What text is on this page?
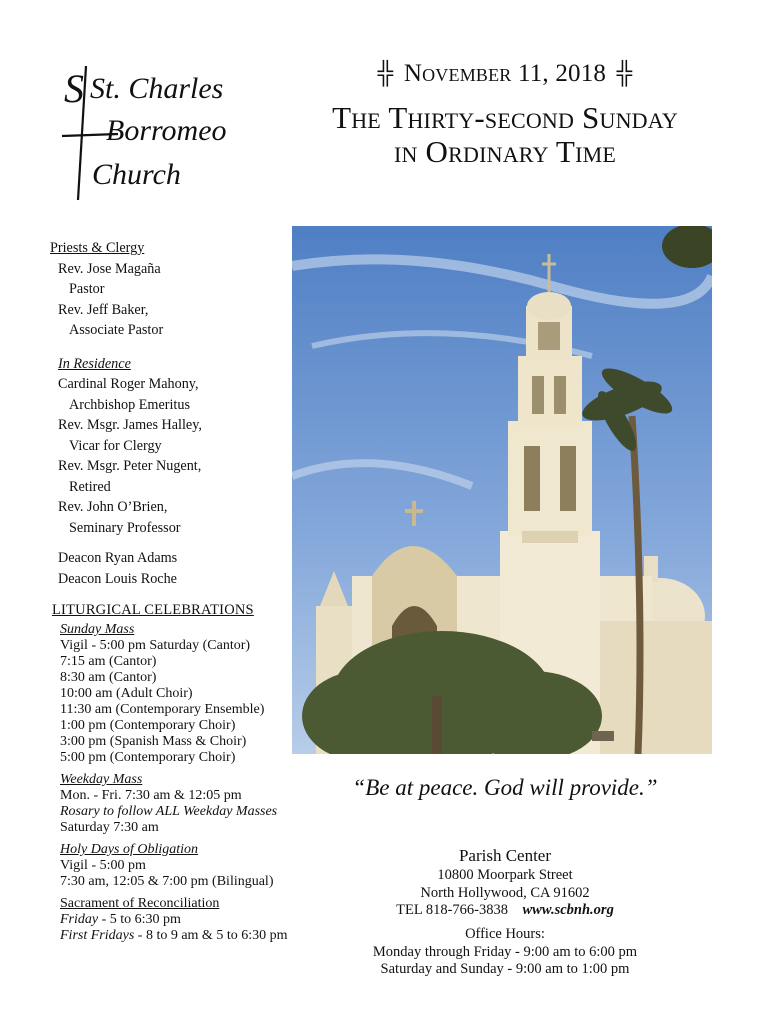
S St. Charles
Borromeo
Church
╬ November 11, 2018 ╬
The Thirty-second Sunday
in Ordinary Time
Priests & Clergy
Rev. Jose Magaña
Pastor
Rev. Jeff Baker,
Associate Pastor
In Residence
Cardinal Roger Mahony,
Archbishop Emeritus
Rev. Msgr. James Halley,
Vicar for Clergy
Rev. Msgr. Peter Nugent,
Retired
Rev. John O’Brien,
Seminary Professor
Deacon Ryan Adams
Deacon Louis Roche
LITURGICAL CELEBRATIONS
Sunday Mass
Vigil - 5:00 pm Saturday (Cantor)
7:15 am (Cantor)
8:30 am (Cantor)
10:00 am (Adult Choir)
11:30 am (Contemporary Ensemble)
1:00 pm (Contemporary Choir)
3:00 pm (Spanish Mass & Choir)
5:00 pm (Contemporary Choir)
Weekday Mass
Mon. - Fri. 7:30 am & 12:05 pm
Rosary to follow ALL Weekday Masses
Saturday 7:30 am
Holy Days of Obligation
Vigil - 5:00 pm
7:30 am, 12:05 & 7:00 pm (Bilingual)
Sacrament of Reconciliation
Friday - 5 to 6:30 pm
First Fridays - 8 to 9 am & 5 to 6:30 pm
“Be at peace. God will provide.”
Parish Center
10800 Moorpark Street
North Hollywood, CA 91602
TEL 818-766-3838 www.scbnh.org
Office Hours:
Monday through Friday - 9:00 am to 6:00 pm
Saturday and Sunday - 9:00 am to 1:00 pm
